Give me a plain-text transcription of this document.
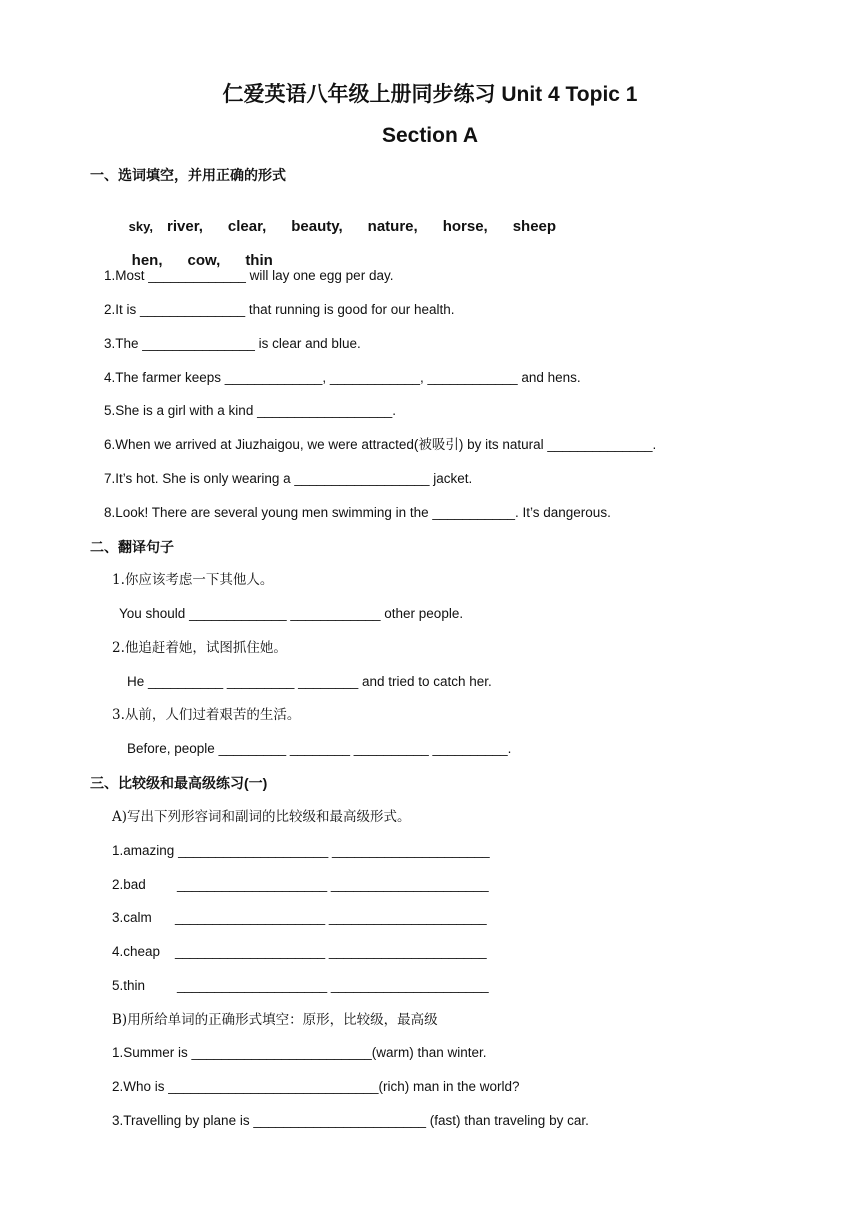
仁爱英语八年级上册同步练习 Unit 4 Topic 1
Section A
一、选词填空，并用正确的形式

sky, river, clear, beauty, nature, horse, sheep

hen, cow, thin

1.Most _____________ will lay one egg per day.
2.It is ______________ that running is good for our health.
3.The _______________ is clear and blue.
4.The farmer keeps _____________, ____________, ____________ and hens.
5.She is a girl with a kind __________________.
6.When we arrived at Jiuzhaigou, we were attracted(被吸引) by its natural ______________.
7.It’s hot. She is only wearing a __________________ jacket.
8.Look! There are several young men swimming in the ___________. It’s dangerous.
二、翻译句子
1.你应该考虑一下其他人。
You should _____________ ____________ other people.
2.他追赶着她，试图抓住她。
He __________ _________ ________ and tried to catch her.
3.从前，人们过着艰苦的生活。
Before, people _________ ________ __________ __________.
三、比较级和最高级练习(一)
A)写出下列形容词和副词的比较级和最高级形式。
1.amazing ____________________ _____________________
2.bad ____________________ _____________________
3.calm ____________________ _____________________
4.cheap ____________________ _____________________
5.thin ____________________ _____________________
B)用所给单词的正确形式填空：原形，比较级，最高级
1.Summer is ________________________(warm) than winter.
2.Who is ____________________________(rich) man in the world?
3.Travelling by plane is _______________________ (fast) than traveling by car.
